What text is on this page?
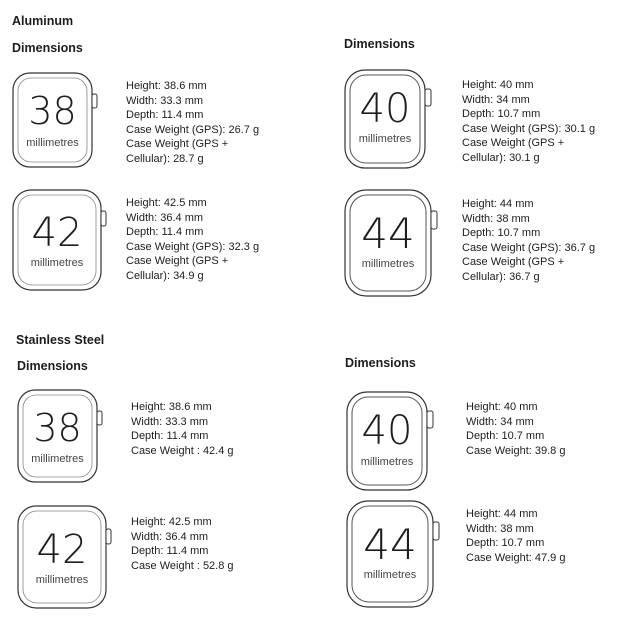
Aluminum
Dimensions	Dimensions
38
millimetres
Height: 38.6 mm
Width: 33.3 mm
Depth: 11.4 mm
Case Weight (GPS): 26.7 g
Case Weight (GPS +
Cellular): 28.7 g
42
millimetres
Height: 42.5 mm
Width: 36.4 mm
Depth: 11.4 mm
Case Weight (GPS): 32.3 g
Case Weight (GPS +
Cellular): 34.9 g
40
millimetres
Height: 40 mm
Width: 34 mm
Depth: 10.7 mm
Case Weight (GPS): 30.1 g
Case Weight (GPS +
Cellular): 30.1 g
44
millimetres
Height: 44 mm
Width: 38 mm
Depth: 10.7 mm
Case Weight (GPS): 36.7 g
Case Weight (GPS +
Cellular): 36.7 g
Stainless Steel
Dimensions	Dimensions
38
millimetres
Height: 38.6 mm
Width: 33.3 mm
Depth: 11.4 mm
Case Weight : 42.4 g
42
millimetres
Height: 42.5 mm
Width: 36.4 mm
Depth: 11.4 mm
Case Weight : 52.8 g
40
millimetres
Height: 40 mm
Width: 34 mm
Depth: 10.7 mm
Case Weight: 39.8 g
44
millimetres
Height: 44 mm
Width: 38 mm
Depth: 10.7 mm
Case Weight: 47.9 g
